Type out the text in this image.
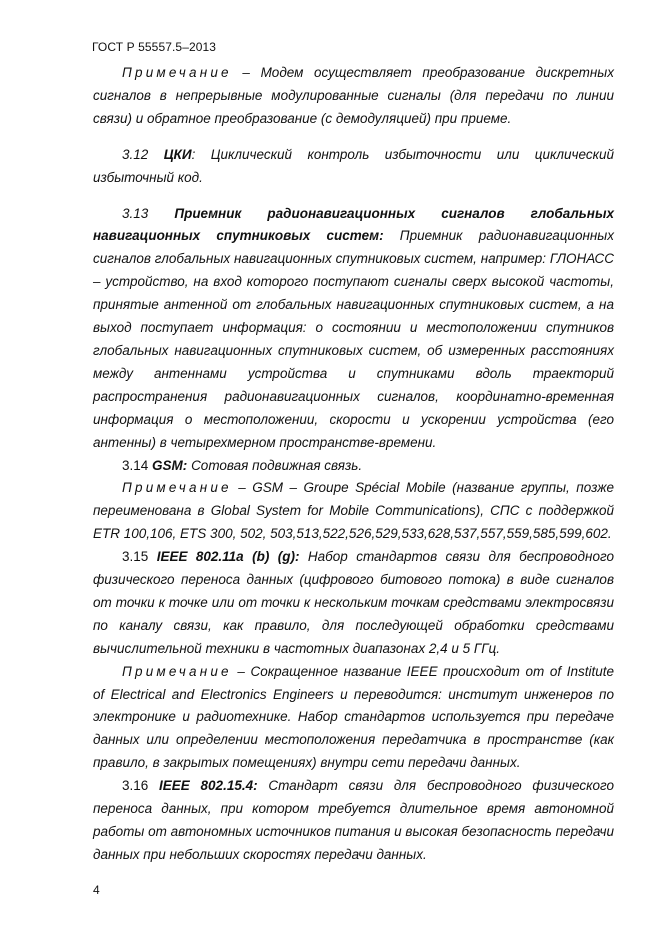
ГОСТ Р 55557.5–2013

Примечание – Модем осуществляет преобразование дискретных сигналов в непрерывные модулированные сигналы (для передачи по линии связи) и обратное преобразование (с демодуляцией) при приеме.

3.12 ЦКИ: Циклический контроль избыточности или циклический избыточный код.

3.13 Приемник радионавигационных сигналов глобальных навигационных спутниковых систем: Приемник радионавигационных сигналов глобальных навигационных спутниковых систем, например: ГЛОНАСС – устройство, на вход которого поступают сигналы сверх высокой частоты, принятые антенной от глобальных навигационных спутниковых систем, а на выход поступает информация: о состоянии и местоположении спутников глобальных навигационных спутниковых систем, об измеренных расстояниях между антеннами устройства и спутниками вдоль траекторий распространения радионавигационных сигналов, координатно-временная информация о местоположении, скорости и ускорении устройства (его антенны) в четырехмерном пространстве-времени.

3.14 GSM: Сотовая подвижная связь.

Примечание – GSM – Groupe Spécial Mobile (название группы, позже переименована в Global System for Mobile Communications), СПС с поддержкой ETR 100,106, ETS 300, 502, 503,513,522,526,529,533,628,537,557,559,585,599,602.

3.15 IEEE 802.11a (b) (g): Набор стандартов связи для беспроводного физического переноса данных (цифрового битового потока) в виде сигналов от точки к точке или от точки к нескольким точкам средствами электросвязи по каналу связи, как правило, для последующей обработки средствами вычислительной техники в частотных диапазонах 2,4 и 5 ГГц.

Примечание – Сокращенное название IEEE происходит от of Institute of Electrical and Electronics Engineers и переводится: институт инженеров по электронике и радиотехнике. Набор стандартов используется при передаче данных или определении местоположения передатчика в пространстве (как правило, в закрытых помещениях) внутри сети передачи данных.

3.16 IEEE 802.15.4: Стандарт связи для беспроводного физического переноса данных, при котором требуется длительное время автономной работы от автономных источников питания и высокая безопасность передачи данных при небольших скоростях передачи данных.

4
